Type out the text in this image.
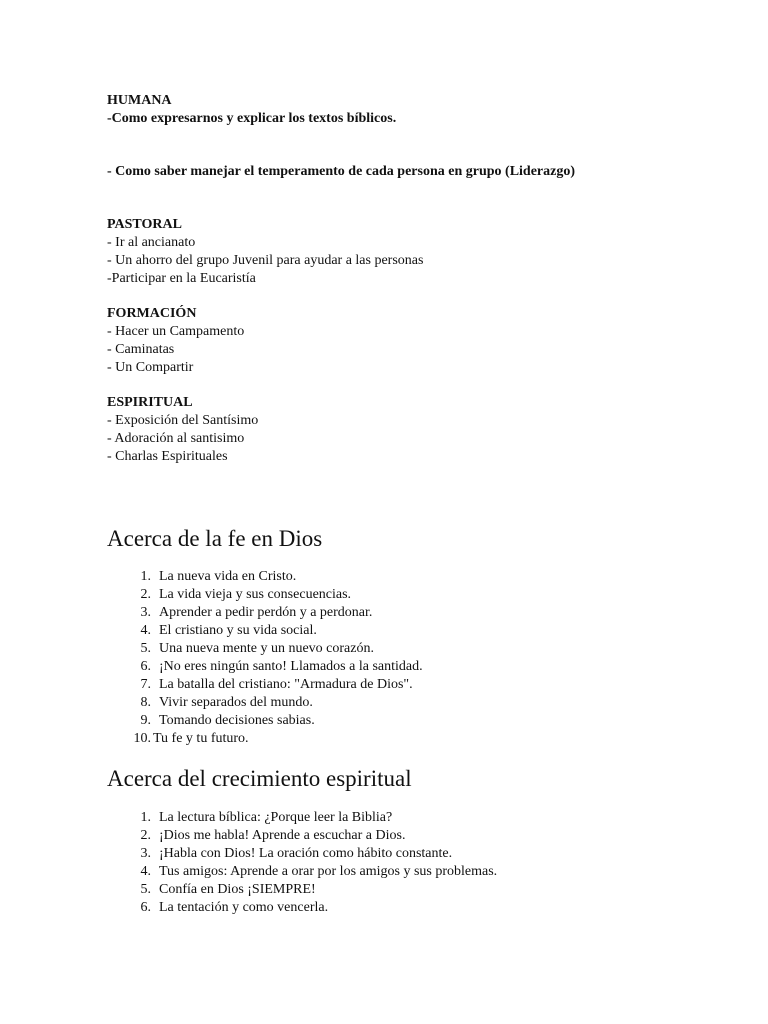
HUMANA
-Como expresarnos y explicar los textos bíblicos.
- Como saber manejar el temperamento de cada persona en grupo (Liderazgo)
PASTORAL
- Ir al ancianato
- Un ahorro del grupo Juvenil para ayudar a las personas
-Participar en la Eucaristía
FORMACIÓN
- Hacer un Campamento
- Caminatas
- Un Compartir
ESPIRITUAL
- Exposición del Santísimo
- Adoración al santisimo
- Charlas Espirituales
Acerca de la fe en Dios
1. La nueva vida en Cristo.
2. La vida vieja y sus consecuencias.
3. Aprender a pedir perdón y a perdonar.
4. El cristiano y su vida social.
5. Una nueva mente y un nuevo corazón.
6. ¡No eres ningún santo! Llamados a la santidad.
7. La batalla del cristiano: "Armadura de Dios".
8. Vivir separados del mundo.
9. Tomando decisiones sabias.
10. Tu fe y tu futuro.
Acerca del crecimiento espiritual
1. La lectura bíblica: ¿Porque leer la Biblia?
2. ¡Dios me habla! Aprende a escuchar a Dios.
3. ¡Habla con Dios! La oración como hábito constante.
4. Tus amigos: Aprende a orar por los amigos y sus problemas.
5. Confía en Dios ¡SIEMPRE!
6. La tentación y como vencerla.
